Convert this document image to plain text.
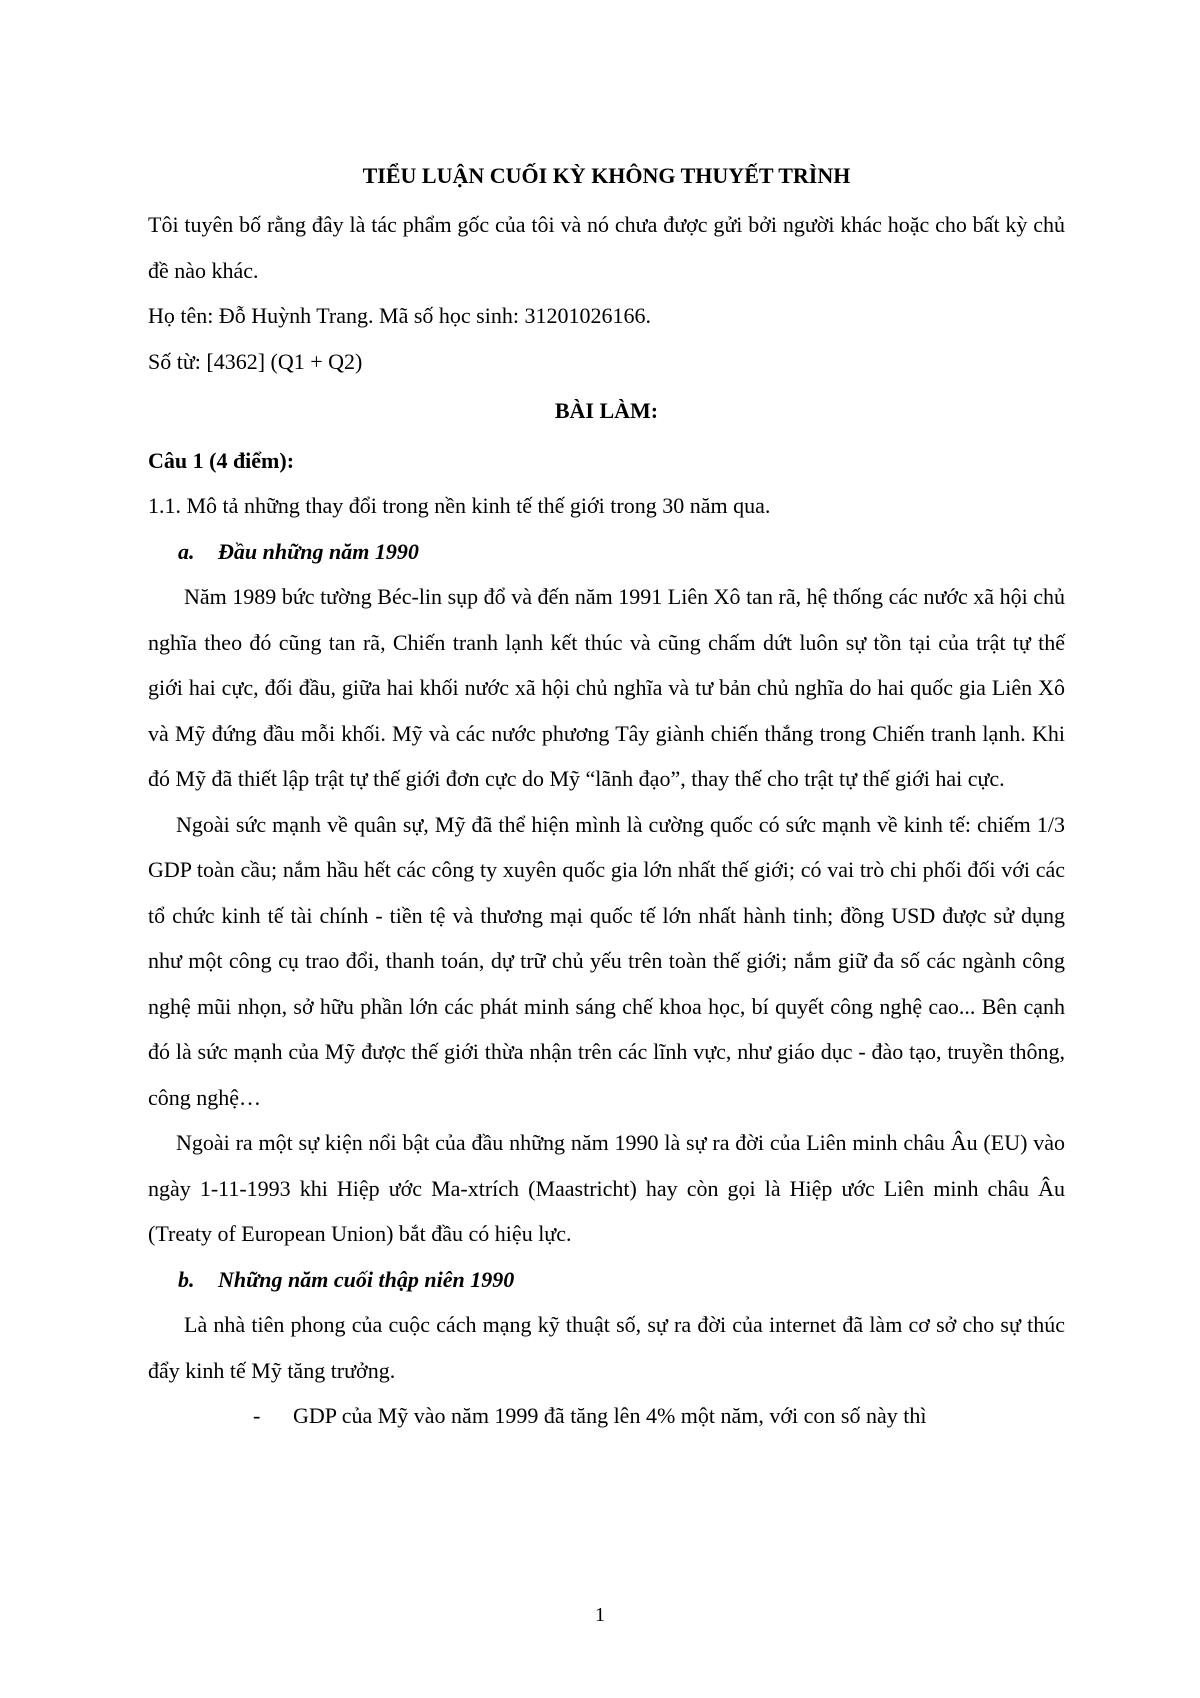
TIỂU LUẬN CUỐI KỲ KHÔNG THUYẾT TRÌNH

Tôi tuyên bố rằng đây là tác phẩm gốc của tôi và nó chưa được gửi bởi người khác hoặc cho bất kỳ chủ đề nào khác.

Họ tên: Đỗ Huỳnh Trang. Mã số học sinh: 31201026166.

Số từ: [4362] (Q1 + Q2)

BÀI LÀM:

Câu 1 (4 điểm):

1.1. Mô tả những thay đổi trong nền kinh tế thế giới trong 30 năm qua.

a. Đầu những năm 1990

Năm 1989 bức tường Béc-lin sụp đổ và đến năm 1991 Liên Xô tan rã, hệ thống các nước xã hội chủ nghĩa theo đó cũng tan rã, Chiến tranh lạnh kết thúc và cũng chấm dứt luôn sự tồn tại của trật tự thế giới hai cực, đối đầu, giữa hai khối nước xã hội chủ nghĩa và tư bản chủ nghĩa do hai quốc gia Liên Xô và Mỹ đứng đầu mỗi khối. Mỹ và các nước phương Tây giành chiến thắng trong Chiến tranh lạnh. Khi đó Mỹ đã thiết lập trật tự thế giới đơn cực do Mỹ “lãnh đạo”, thay thế cho trật tự thế giới hai cực.

Ngoài sức mạnh về quân sự, Mỹ đã thể hiện mình là cường quốc có sức mạnh về kinh tế: chiếm 1/3 GDP toàn cầu; nắm hầu hết các công ty xuyên quốc gia lớn nhất thế giới; có vai trò chi phối đối với các tổ chức kinh tế tài chính - tiền tệ và thương mại quốc tế lớn nhất hành tinh; đồng USD được sử dụng như một công cụ trao đổi, thanh toán, dự trữ chủ yếu trên toàn thế giới; nắm giữ đa số các ngành công nghệ mũi nhọn, sở hữu phần lớn các phát minh sáng chế khoa học, bí quyết công nghệ cao... Bên cạnh đó là sức mạnh của Mỹ được thế giới thừa nhận trên các lĩnh vực, như giáo dục - đào tạo, truyền thông, công nghệ…

Ngoài ra một sự kiện nổi bật của đầu những năm 1990 là sự ra đời của Liên minh châu Âu (EU) vào ngày 1-11-1993 khi Hiệp ước Ma-xtrích (Maastricht) hay còn gọi là Hiệp ước Liên minh châu Âu (Treaty of European Union) bắt đầu có hiệu lực.

b. Những năm cuối thập niên 1990

Là nhà tiên phong của cuộc cách mạng kỹ thuật số, sự ra đời của internet đã làm cơ sở cho sự thúc đẩy kinh tế Mỹ tăng trưởng.

- GDP của Mỹ vào năm 1999 đã tăng lên 4% một năm, với con số này thì

1
